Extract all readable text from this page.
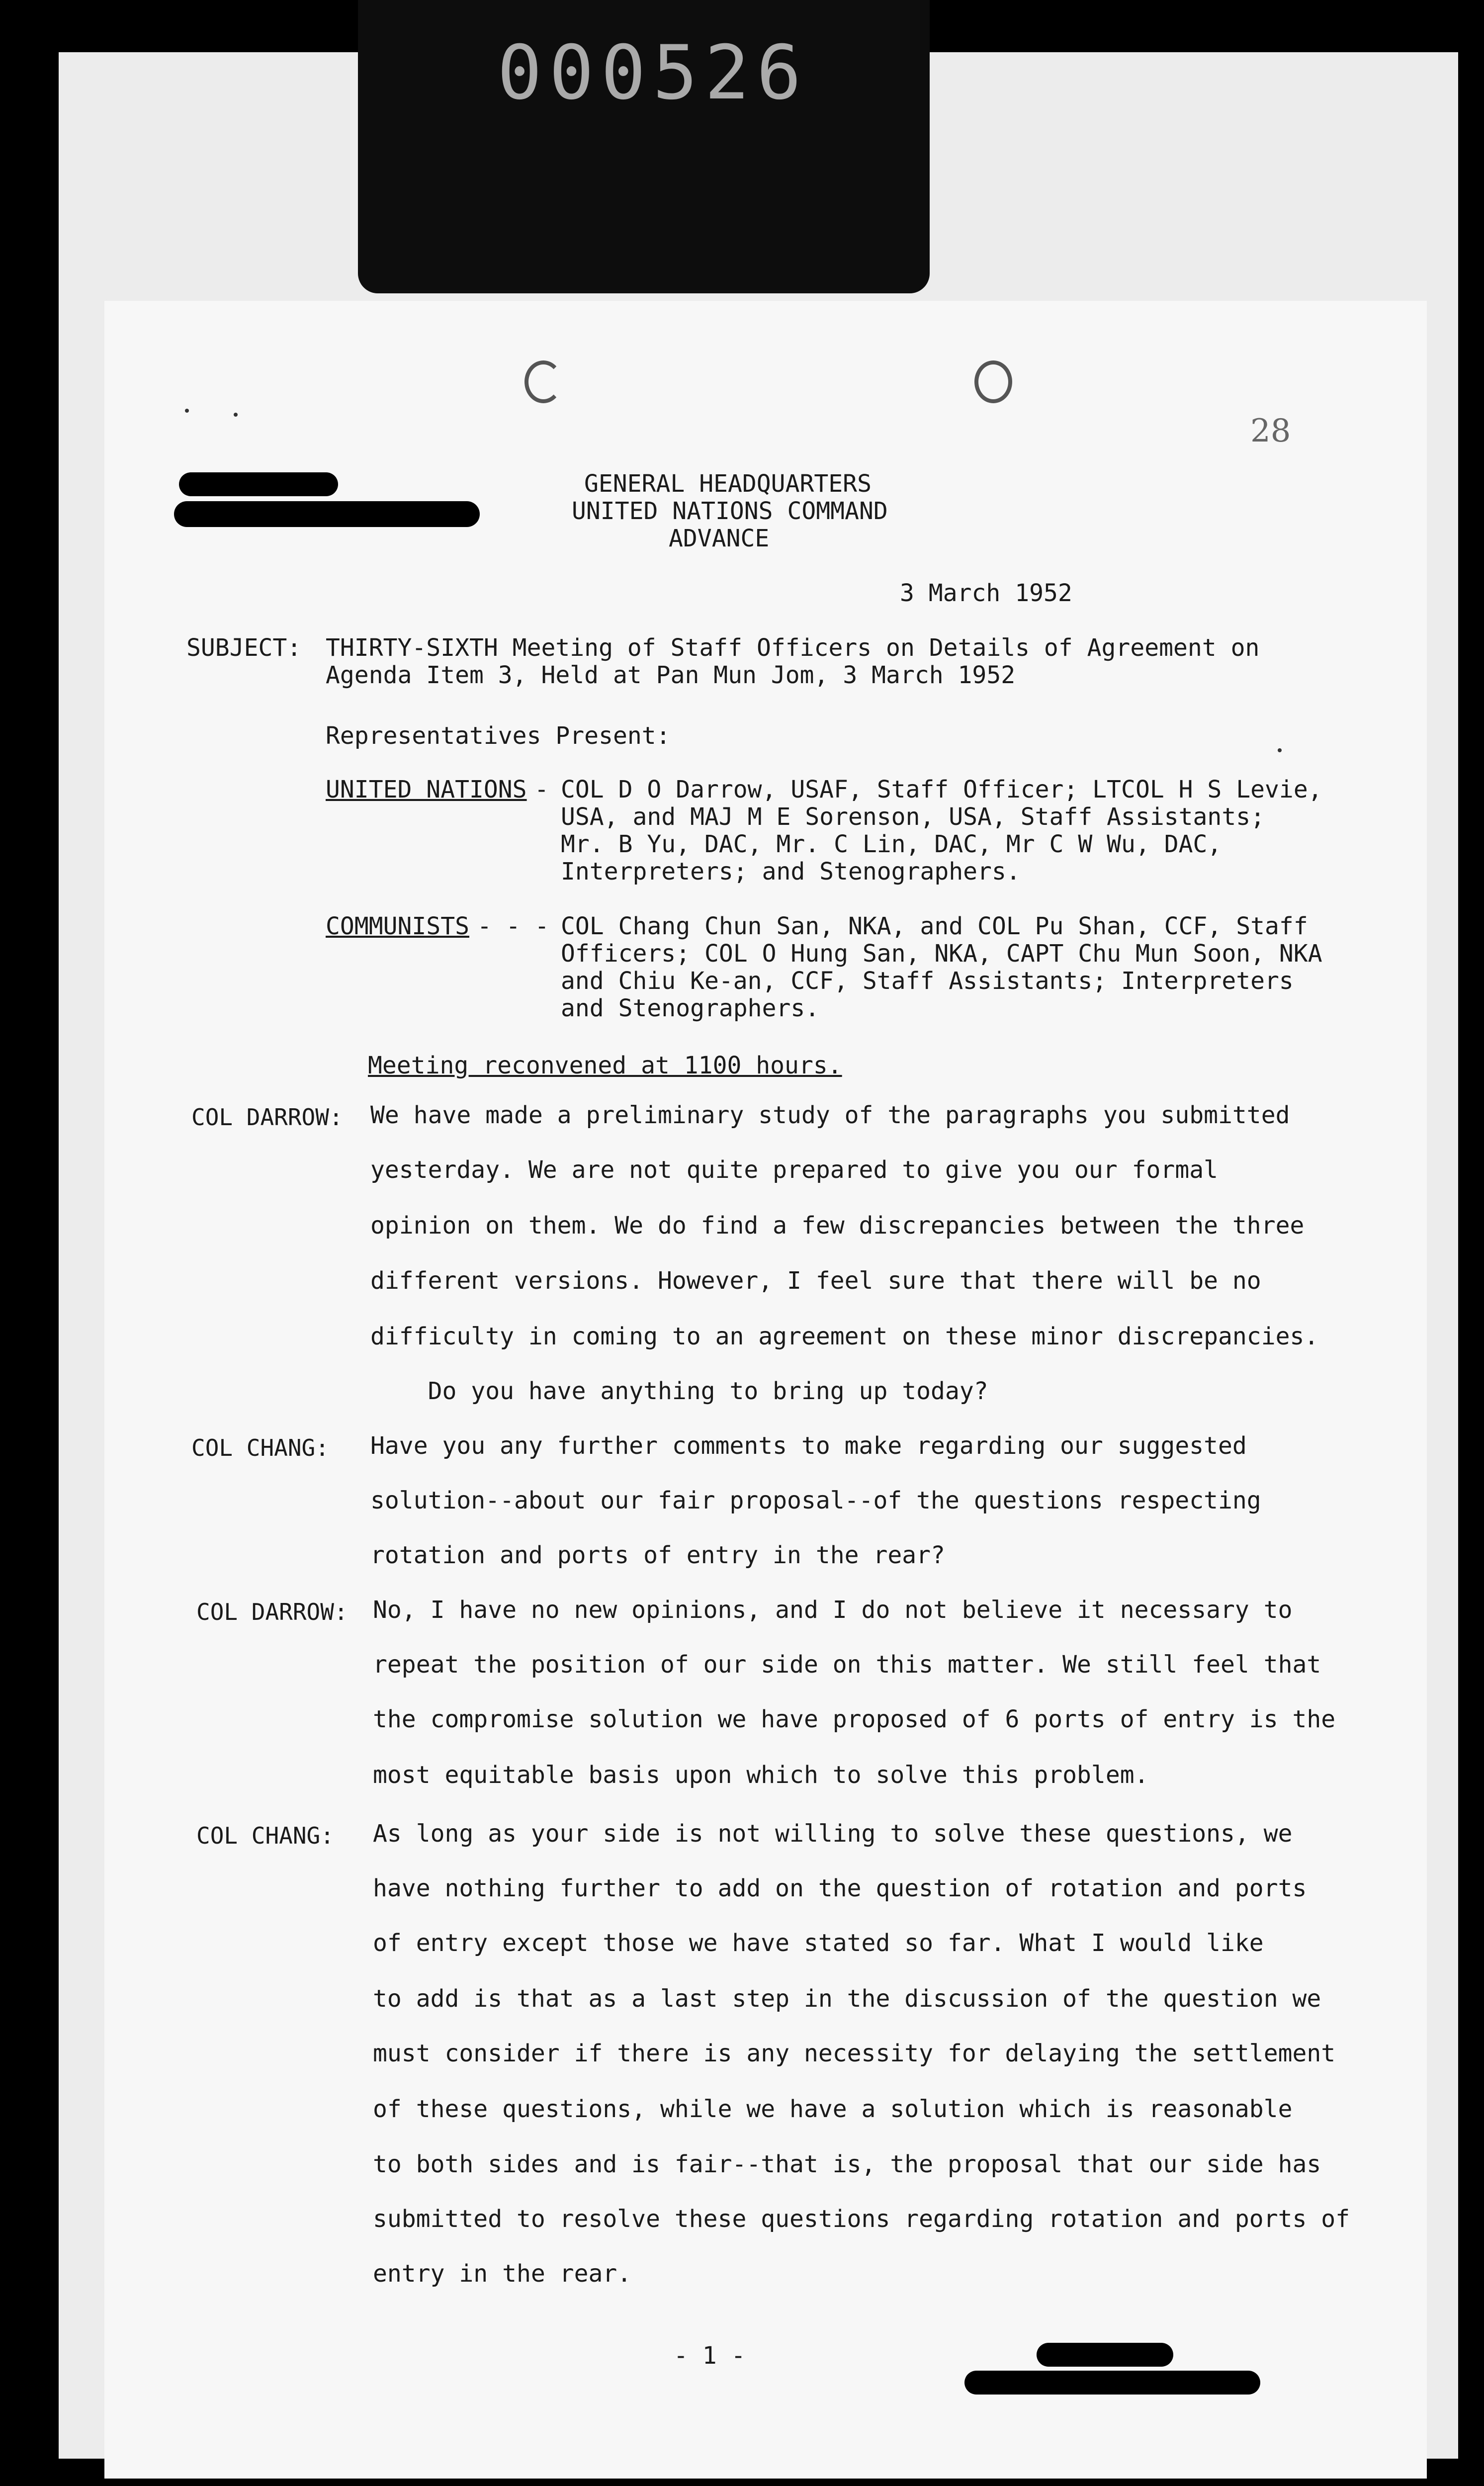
000526
28
GENERAL HEADQUARTERS
UNITED NATIONS COMMAND
ADVANCE
3 March 1952
SUBJECT: THIRTY-SIXTH Meeting of Staff Officers on Details of Agreement on
Agenda Item 3, Held at Pan Mun Jom, 3 March 1952
Representatives Present:
UNITED NATIONS - COL D O Darrow, USAF, Staff Officer; LTCOL H S Levie,
USA, and MAJ M E Sorenson, USA, Staff Assistants;
Mr. B Yu, DAC, Mr. C Lin, DAC, Mr C W Wu, DAC,
Interpreters; and Stenographers.
COMMUNISTS - - - COL Chang Chun San, NKA, and COL Pu Shan, CCF, Staff
Officers; COL O Hung San, NKA, CAPT Chu Mun Soon, NKA
and Chiu Ke-an, CCF, Staff Assistants; Interpreters
and Stenographers.
Meeting reconvened at 1100 hours.
COL DARROW: We have made a preliminary study of the paragraphs you submitted
yesterday. We are not quite prepared to give you our formal
opinion on them. We do find a few discrepancies between the three
different versions. However, I feel sure that there will be no
difficulty in coming to an agreement on these minor discrepancies.
Do you have anything to bring up today?
COL CHANG: Have you any further comments to make regarding our suggested
solution--about our fair proposal--of the questions respecting
rotation and ports of entry in the rear?
COL DARROW: No, I have no new opinions, and I do not believe it necessary to
repeat the position of our side on this matter. We still feel that
the compromise solution we have proposed of 6 ports of entry is the
most equitable basis upon which to solve this problem.
COL CHANG: As long as your side is not willing to solve these questions, we
have nothing further to add on the question of rotation and ports
of entry except those we have stated so far. What I would like
to add is that as a last step in the discussion of the question we
must consider if there is any necessity for delaying the settlement
of these questions, while we have a solution which is reasonable
to both sides and is fair--that is, the proposal that our side has
submitted to resolve these questions regarding rotation and ports of
entry in the rear.
- 1 -
